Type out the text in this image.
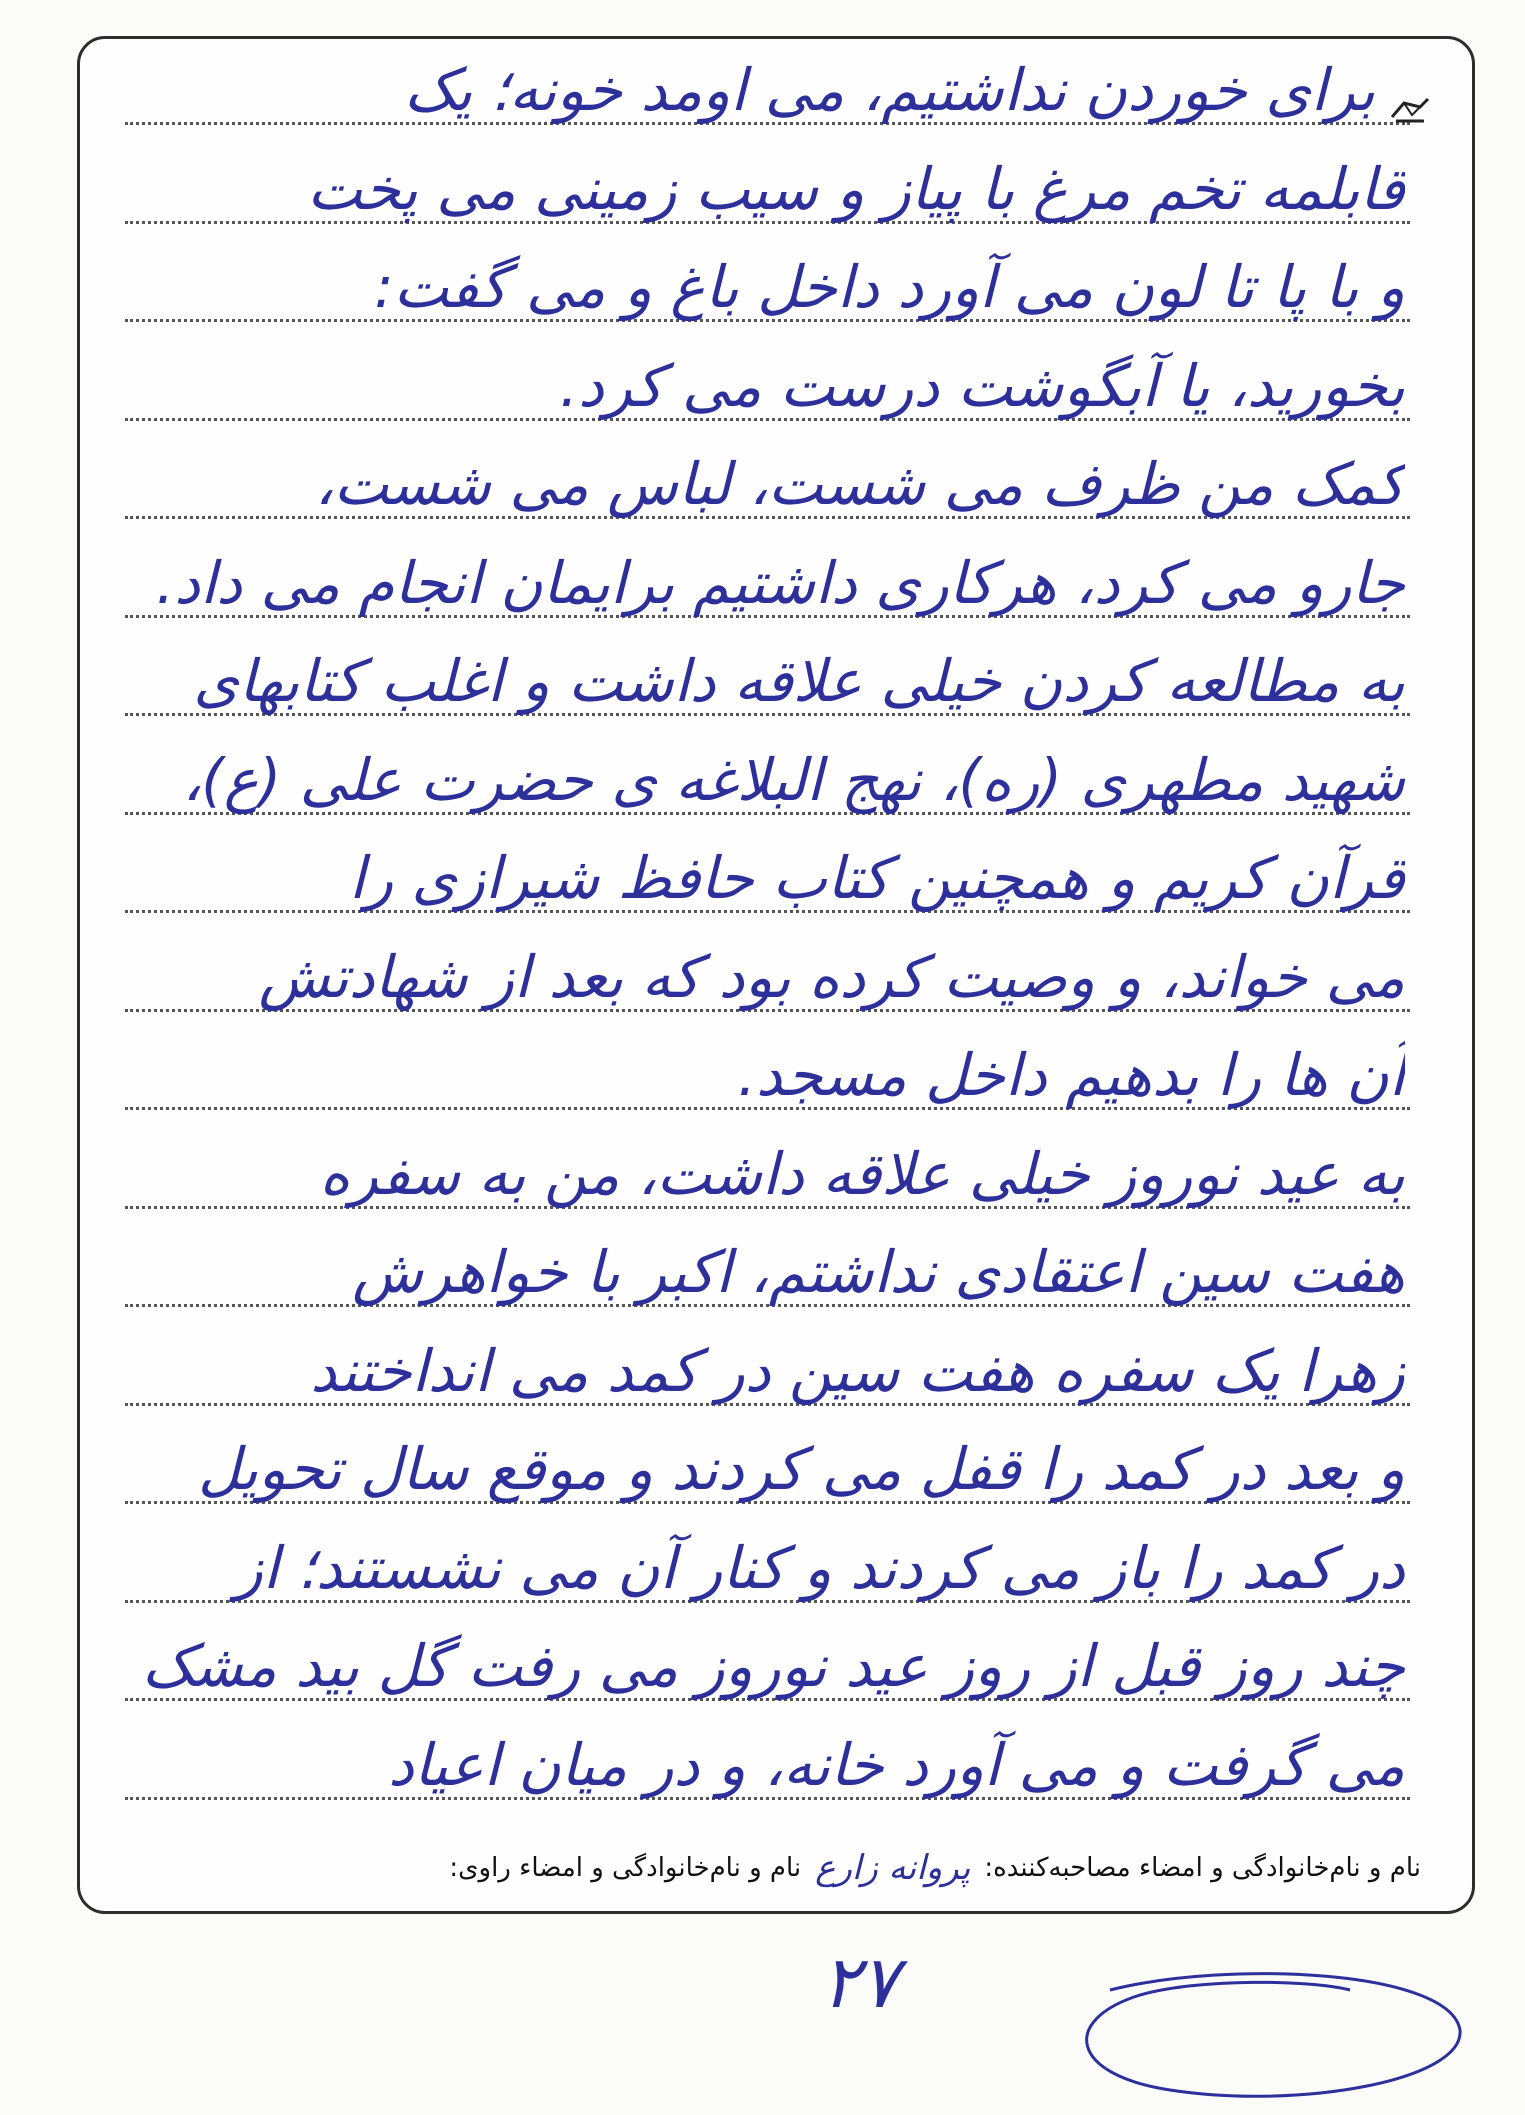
برای خوردن نداشتیم، می اومد خونه؛ یک
قابلمه تخم مرغ با پیاز و سیب زمینی می پخت
و با پا تا لون می آورد داخل باغ و می گفت:
بخورید، یا آبگوشت درست می کرد.
کمک من ظرف می شست، لباس می شست،
جارو می کرد، هرکاری داشتیم برایمان انجام می داد.
به مطالعه کردن خیلی علاقه داشت و اغلب کتابهای
شهید مطهری (ره)، نهج البلاغه ی حضرت علی (ع)،
قرآن کریم و همچنین کتاب حافظ شیرازی را
می خواند، و وصیت کرده بود که بعد از شهادتش
آن ها را بدهیم داخل مسجد.
به عید نوروز خیلی علاقه داشت، من به سفره
هفت سین اعتقادی نداشتم، اکبر با خواهرش
زهرا یک سفره هفت سین در کمد می انداختند
و بعد در کمد را قفل می کردند و موقع سال تحویل
در کمد را باز می کردند و کنار آن می نشستند؛ از
چند روز قبل از روز عید نوروز می رفت گل بید مشک
می گرفت و می آورد خانه، و در میان اعیاد
نام و نام‌خانوادگی و امضاء مصاحبه‌کننده:
پروانه زارع
نام و نام‌خانوادگی و امضاء راوی:
۲۷
